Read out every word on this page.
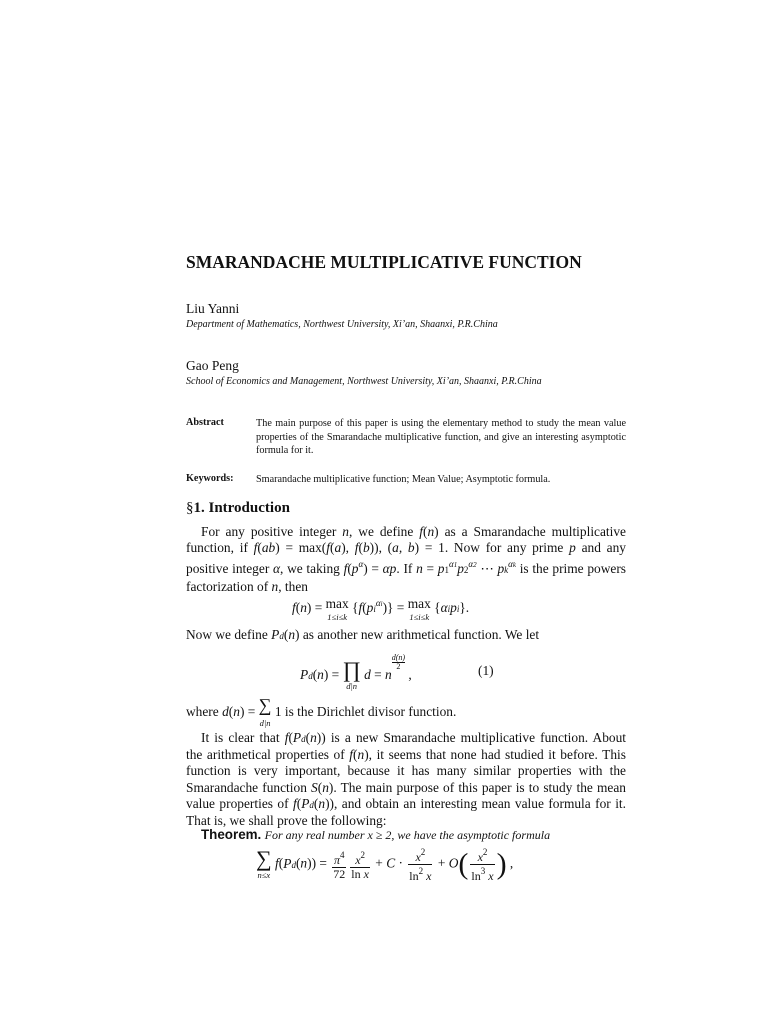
SMARANDACHE MULTIPLICATIVE FUNCTION
Liu Yanni
Department of Mathematics, Northwest University, Xi’an, Shaanxi, P.R.China
Gao Peng
School of Economics and Management, Northwest University, Xi’an, Shaanxi, P.R.China
Abstract	The main purpose of this paper is using the elementary method to study the mean value properties of the Smarandache multiplicative function, and give an interesting asymptotic formula for it.
Keywords: Smarandache multiplicative function; Mean Value; Asymptotic formula.
§1. Introduction

For any positive integer n, we define f(n) as a Smarandache multiplicative function, if f(ab) = max(f(a), f(b)), (a, b) = 1. Now for any prime p and any positive integer α, we taking $f(p^\alpha) = \alpha p$. If $n = p1^{\alpha 1}p2^{\alpha 2}$ ⋯ $pk^{\alpha k}$ is the prime powers factorization of n, then

f(n) = max
1≤i≤k
$\{f(pi^{\alpha i})\} = \max$
1≤i≤k
{αipi}.

Now we define Pd(n) as another new arithmetical function. We let

Pd(n) = ∏
d|n
d = n
$\frac{d(n)}{2}$
,	(1)
where d(n) = ∑
d|n
1 is the Dirichlet divisor function.

It is clear that f(Pd(n)) is a new Smarandache multiplicative function. About the arithmetical properties of f(n), it seems that none had studied it before. This function is very important, because it has many similar properties with the Smarandache function S(n). The main purpose of this paper is to study the mean value properties of f(Pd(n)), and obtain an interesting mean value formula for it. That is, we shall prove the following:

Theorem. For any real number x ≥ 2, we have the asymptotic formula
∑
n≤x
$f(Pd(n)) = \frac{\pi^4}{72} \frac{x^2}{\text{ln x}} + C \cdot \frac{x^2}{\ln^2 x} + O( \frac{x^2}{\ln^3 x}$ ) ,
